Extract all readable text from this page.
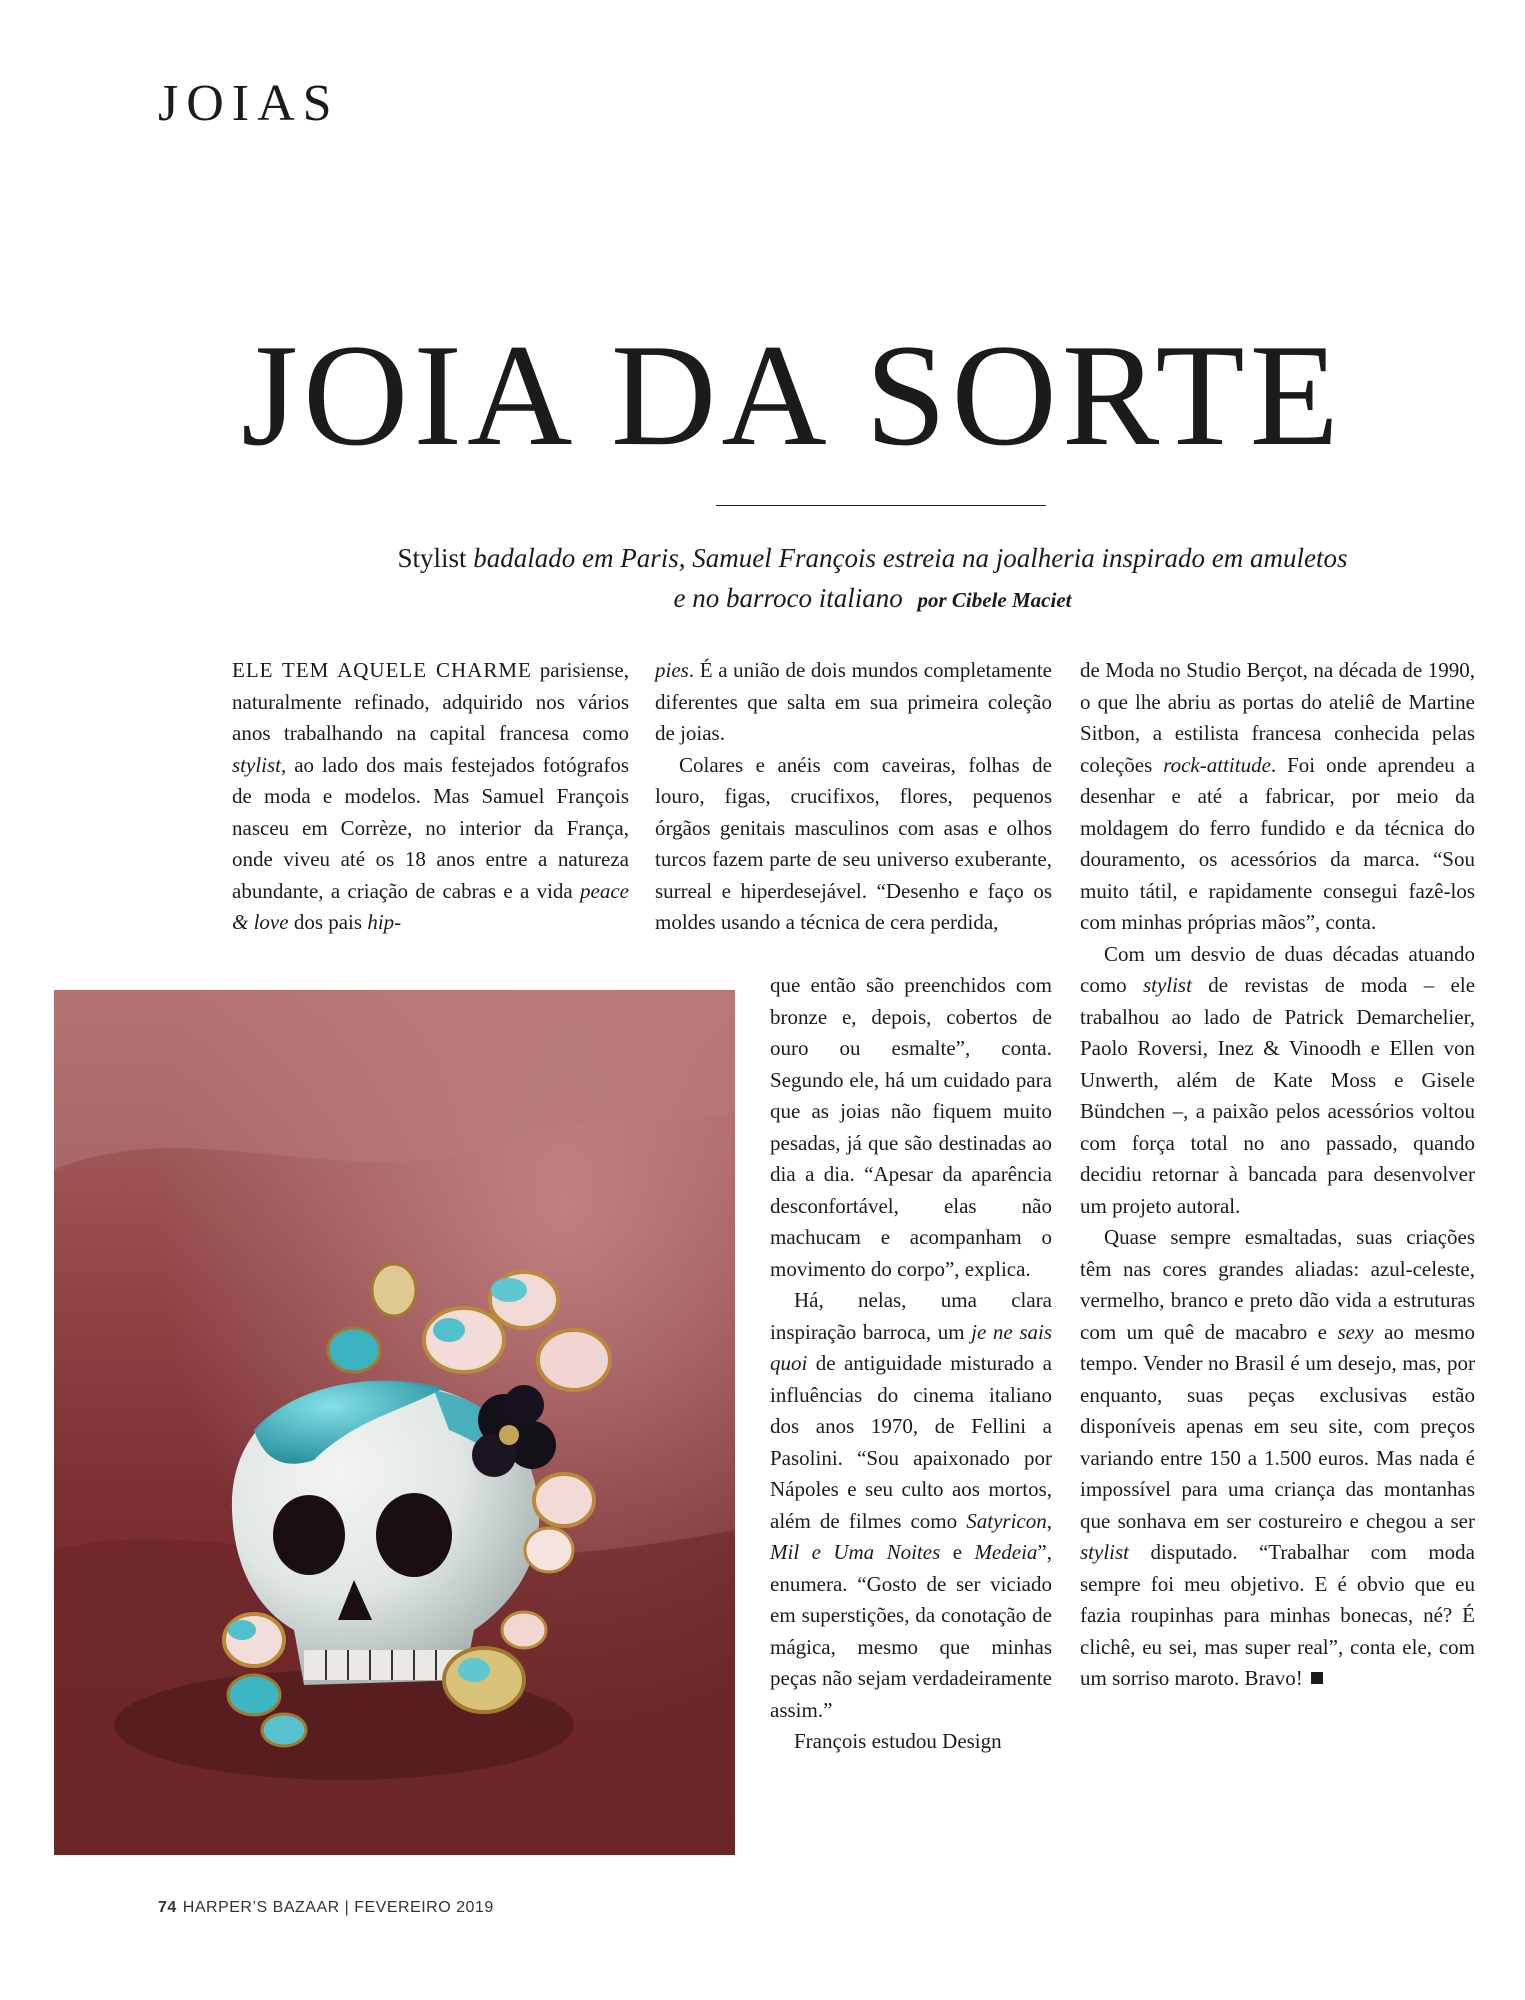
JOIAS
JOIA DA SORTE

Stylist badalado em Paris, Samuel François estreia na joalheria inspirado em amuletos
e no barroco italiano por Cibele Maciet

ELE TEM AQUELE CHARME parisiense, naturalmente refinado, adquirido nos vários anos trabalhando na capital francesa como stylist, ao lado dos mais festejados fotógrafos de moda e modelos. Mas Samuel François nasceu em Corrèze, no interior da França, onde viveu até os 18 anos entre a natureza abundante, a criação de cabras e a vida peace & love dos pais hip-

pies. É a união de dois mundos completamente diferentes que salta em sua primeira coleção de joias.

Colares e anéis com caveiras, folhas de louro, figas, crucifixos, flores, pequenos órgãos genitais masculinos com asas e olhos turcos fazem parte de seu universo exuberante, surreal e hiperdesejável. “Desenho e faço os moldes usando a técnica de cera perdida,

que então são preenchidos com bronze e, depois, cobertos de ouro ou esmalte”, conta. Segundo ele, há um cuidado para que as joias não fiquem muito pesadas, já que são destinadas ao dia a dia. “Apesar da aparência desconfortável, elas não machucam e acompanham o movimento do corpo”, explica.

Há, nelas, uma clara inspiração barroca, um je ne sais quoi de antiguidade misturado a influências do cinema italiano dos anos 1970, de Fellini a Pasolini. “Sou apaixonado por Nápoles e seu culto aos mortos, além de filmes como Satyricon, Mil e Uma Noites e Medeia”, enumera. “Gosto de ser viciado em superstições, da conotação de mágica, mesmo que minhas peças não sejam verdadeiramente assim.”

François estudou Design

de Moda no Studio Berçot, na década de 1990, o que lhe abriu as portas do ateliê de Martine Sitbon, a estilista francesa conhecida pelas coleções rock-attitude. Foi onde aprendeu a desenhar e até a fabricar, por meio da moldagem do ferro fundido e da técnica do douramento, os acessórios da marca. “Sou muito tátil, e rapidamente consegui fazê-los com minhas próprias mãos”, conta.

Com um desvio de duas décadas atuando como stylist de revistas de moda – ele trabalhou ao lado de Patrick Demarchelier, Paolo Roversi, Inez & Vinoodh e Ellen von Unwerth, além de Kate Moss e Gisele Bündchen –, a paixão pelos acessórios voltou com força total no ano passado, quando decidiu retornar à bancada para desenvolver um projeto autoral.

Quase sempre esmaltadas, suas criações têm nas cores grandes aliadas: azul-celeste, vermelho, branco e preto dão vida a estruturas com um quê de macabro e sexy ao mesmo tempo. Vender no Brasil é um desejo, mas, por enquanto, suas peças exclusivas estão disponíveis apenas em seu site, com preços variando entre 150 a 1.500 euros. Mas nada é impossível para uma criança das montanhas que sonhava em ser costureiro e chegou a ser stylist disputado. “Trabalhar com moda sempre foi meu objetivo. E é obvio que eu fazia roupinhas para minhas bonecas, né? É clichê, eu sei, mas super real”, conta ele, com um sorriso maroto. Bravo!

74 HARPER’S BAZAAR | FEVEREIRO 2019
